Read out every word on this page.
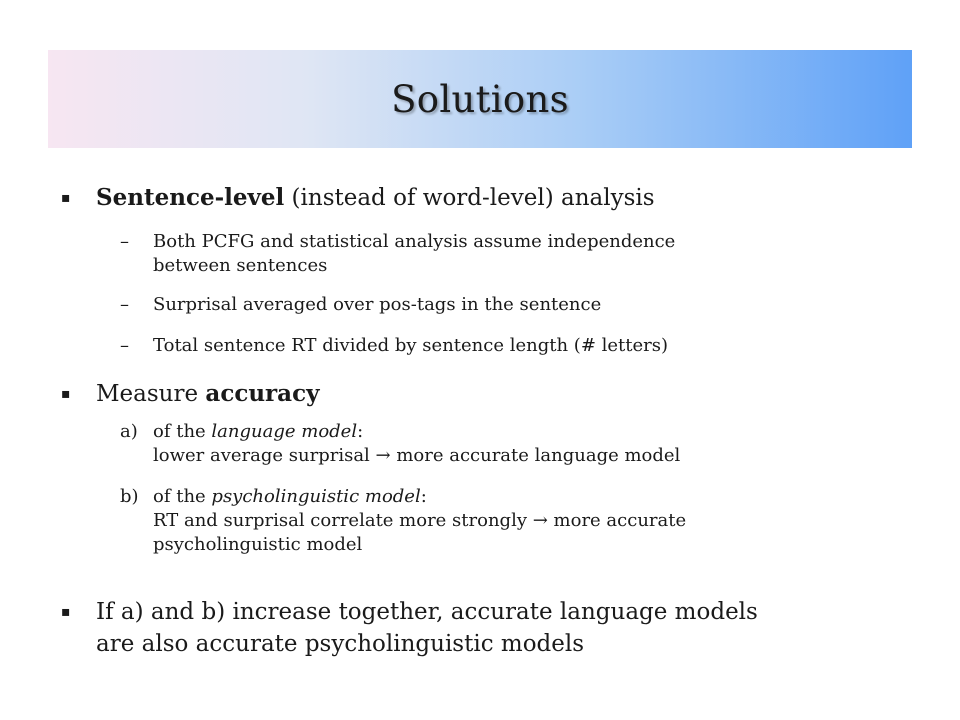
Solutions
▪ Sentence-level (instead of word-level) analysis
– Both PCFG and statistical analysis assume independence
between sentences
– Surprisal averaged over pos-tags in the sentence
– Total sentence RT divided by sentence length (# letters)
▪ Measure accuracy
a) of the language model:
lower average surprisal → more accurate language model
b) of the psycholinguistic model:
RT and surprisal correlate more strongly → more accurate
psycholinguistic model
▪ If a) and b) increase together, accurate language models
are also accurate psycholinguistic models
